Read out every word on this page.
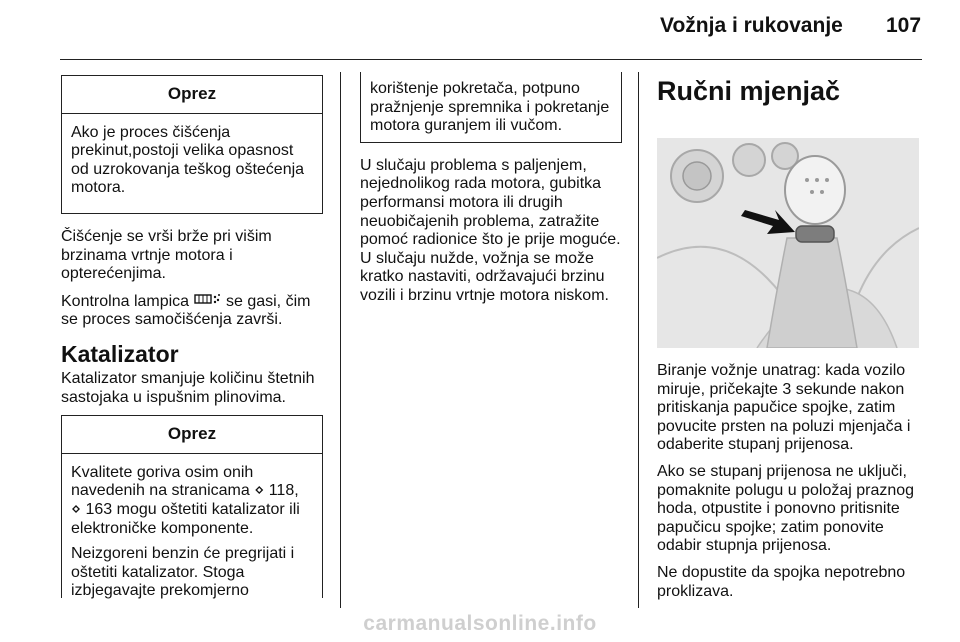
Vožnja i rukovanje 107
Oprez

Ako je proces čišćenja prekinut,postoji velika opasnost od uzrokovanja teškog oštećenja motora.

Čišćenje se vrši brže pri višim brzinama vrtnje motora i opterećenjima.

Kontrolna lampica se gasi, čim se proces samočišćenja završi.

Katalizator

Katalizator smanjuje količinu štetnih sastojaka u ispušnim plinovima.

Oprez

Kvalitete goriva osim onih navedenih na stranicama ⋄ 118,
⋄ 163 mogu oštetiti katalizator ili elektroničke komponente.

Neizgoreni benzin će pregrijati i oštetiti katalizator. Stoga izbjegavajte prekomjerno

korištenje pokretača, potpuno pražnjenje spremnika i pokretanje motora guranjem ili vučom.

U slučaju problema s paljenjem, nejednolikog rada motora, gubitka performansi motora ili drugih neuobičajenih problema, zatražite pomoć radionice što je prije moguće. U slučaju nužde, vožnja se može kratko nastaviti, održavajući brzinu vozili i brzinu vrtnje motora niskom.

Ručni mjenjač

Biranje vožnje unatrag: kada vozilo miruje, pričekajte 3 sekunde nakon pritiskanja papučice spojke, zatim povucite prsten na poluzi mjenjača i odaberite stupanj prijenosa.

Ako se stupanj prijenosa ne uključi, pomaknite polugu u položaj praznog hoda, otpustite i ponovno pritisnite papučicu spojke; zatim ponovite odabir stupnja prijenosa.

Ne dopustite da spojka nepotrebno proklizava.

carmanualsonline.info
